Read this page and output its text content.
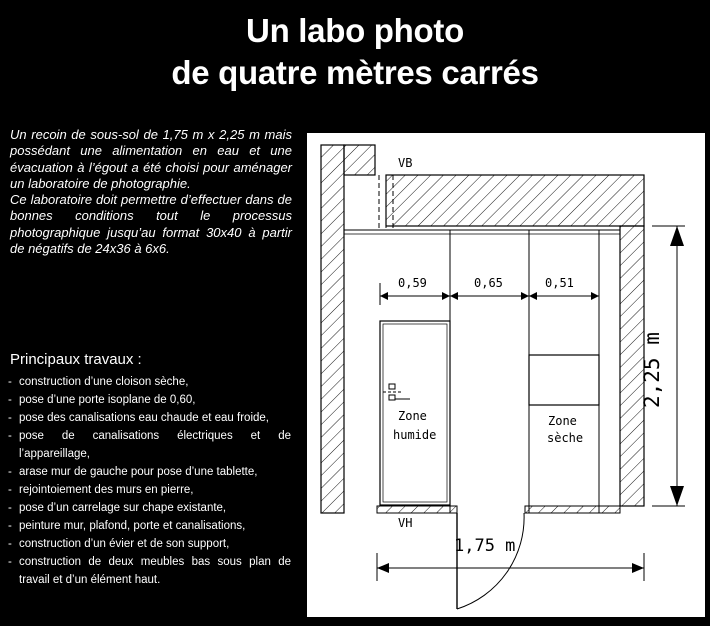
Un labo photo
de quatre mètres carrés

Un recoin de sous-sol de 1,75 m x 2,25 m mais possédant une alimentation en eau et une évacuation à l’égout a été choisi pour aménager un laboratoire de photographie.

Ce laboratoire doit permettre d’effectuer dans de bonnes conditions tout le processus photographique jusqu’au format 30x40 à partir de négatifs de 24x36 à 6x6.

Principaux travaux :
- construction d’une cloison sèche,
- pose d’une porte isoplane de 0,60,
- pose des canalisations eau chaude et eau froide,
- pose de canalisations électriques et de l’appareillage,
- arase mur de gauche pour pose d’une tablette,
- rejointoiement des murs en pierre,
- pose d’un carrelage sur chape existante,
- peinture mur, plafond, porte et canalisations,
- construction d’un évier et de son support,
- construction de deux meubles bas sous plan de travail et d’un élément haut.
VB
0,59	0,65	0,51
Zone
humide
Zone
sèche
VH
1,75 m
2,25 m
